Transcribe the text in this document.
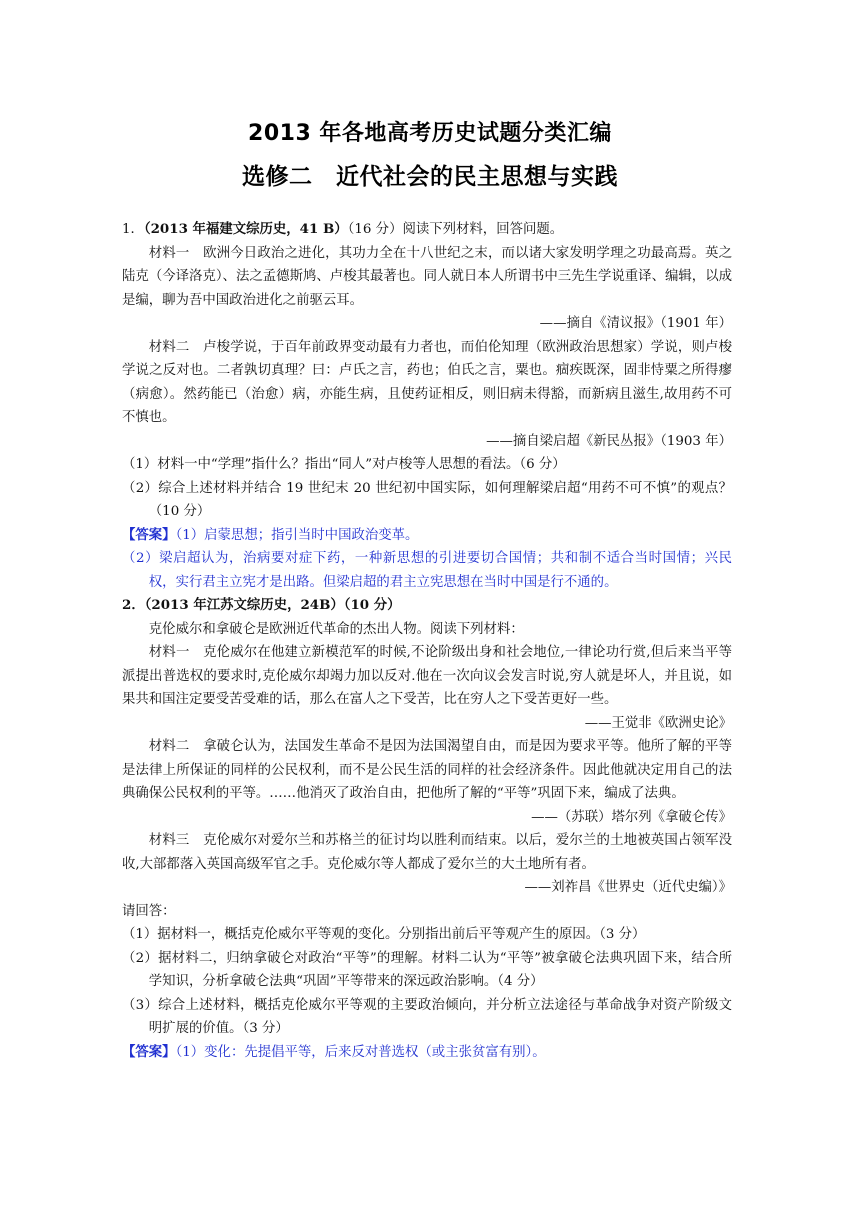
2013 年各地高考历史试题分类汇编
选修二　近代社会的民主思想与实践

1．（2013 年福建文综历史，41 B）（16 分）阅读下列材料，回答问题。

材料一　欧洲今日政治之进化，其功力全在十八世纪之末，而以诸大家发明学理之功最高焉。英之陆克（今译洛克）、法之孟德斯鸠、卢梭其最著也。同人就日本人所谓书中三先生学说重译、编辑，以成是编，聊为吾中国政治进化之前驱云耳。

——摘自《清议报》（1901 年）

材料二　卢梭学说，于百年前政界变动最有力者也，而伯伦知理（欧洲政治思想家）学说，则卢梭学说之反对也。二者孰切真理？曰：卢氏之言，药也；伯氏之言，粟也。痼疾既深，固非恃粟之所得瘳（病愈）。然药能已（治愈）病，亦能生病，且使药证相反，则旧病未得豁，而新病且滋生,故用药不可不慎也。

——摘自梁启超《新民丛报》（1903 年）

（1）材料一中“学理”指什么？指出“同人”对卢梭等人思想的看法。（6 分）

（2）综合上述材料并结合 19 世纪末 20 世纪初中国实际，如何理解梁启超“用药不可不慎”的观点？（10 分）

【答案】（1）启蒙思想；指引当时中国政治变革。

（2）梁启超认为，治病要对症下药，一种新思想的引进要切合国情；共和制不适合当时国情；兴民权，实行君主立宪才是出路。但梁启超的君主立宪思想在当时中国是行不通的。

2．（2013 年江苏文综历史，24B）（10 分）

克伦威尔和拿破仑是欧洲近代革命的杰出人物。阅读下列材料：

材料一　克伦威尔在他建立新模范军的时候,不论阶级出身和社会地位,一律论功行赏,但后来当平等派提出普选权的要求时,克伦威尔却竭力加以反对.他在一次向议会发言时说,穷人就是坏人，并且说，如果共和国注定要受苦受难的话，那么在富人之下受苦，比在穷人之下受苦更好一些。

——王觉非《欧洲史论》

材料二　拿破仑认为，法国发生革命不是因为法国渴望自由，而是因为要求平等。他所了解的平等是法律上所保证的同样的公民权利，而不是公民生活的同样的社会经济条件。因此他就决定用自己的法典确保公民权利的平等。……他消灭了政治自由，把他所了解的“平等”巩固下来，编成了法典。

——（苏联）塔尔列《拿破仑传》

材料三　克伦威尔对爱尔兰和苏格兰的征讨均以胜利而结束。以后，爱尔兰的土地被英国占领军没收,大部都落入英国高级军官之手。克伦威尔等人都成了爱尔兰的大土地所有者。

——刘祚昌《世界史（近代史编）》

请回答：

（1）据材料一，概括克伦威尔平等观的变化。分别指出前后平等观产生的原因。（3 分）

（2）据材料二，归纳拿破仑对政治“平等”的理解。材料二认为“平等”被拿破仑法典巩固下来，结合所学知识，分析拿破仑法典“巩固”平等带来的深远政治影响。（4 分）

（3）综合上述材料，概括克伦威尔平等观的主要政治倾向，并分析立法途径与革命战争对资产阶级文明扩展的价值。（3 分）

【答案】（1）变化：先提倡平等，后来反对普选权（或主张贫富有别）。
